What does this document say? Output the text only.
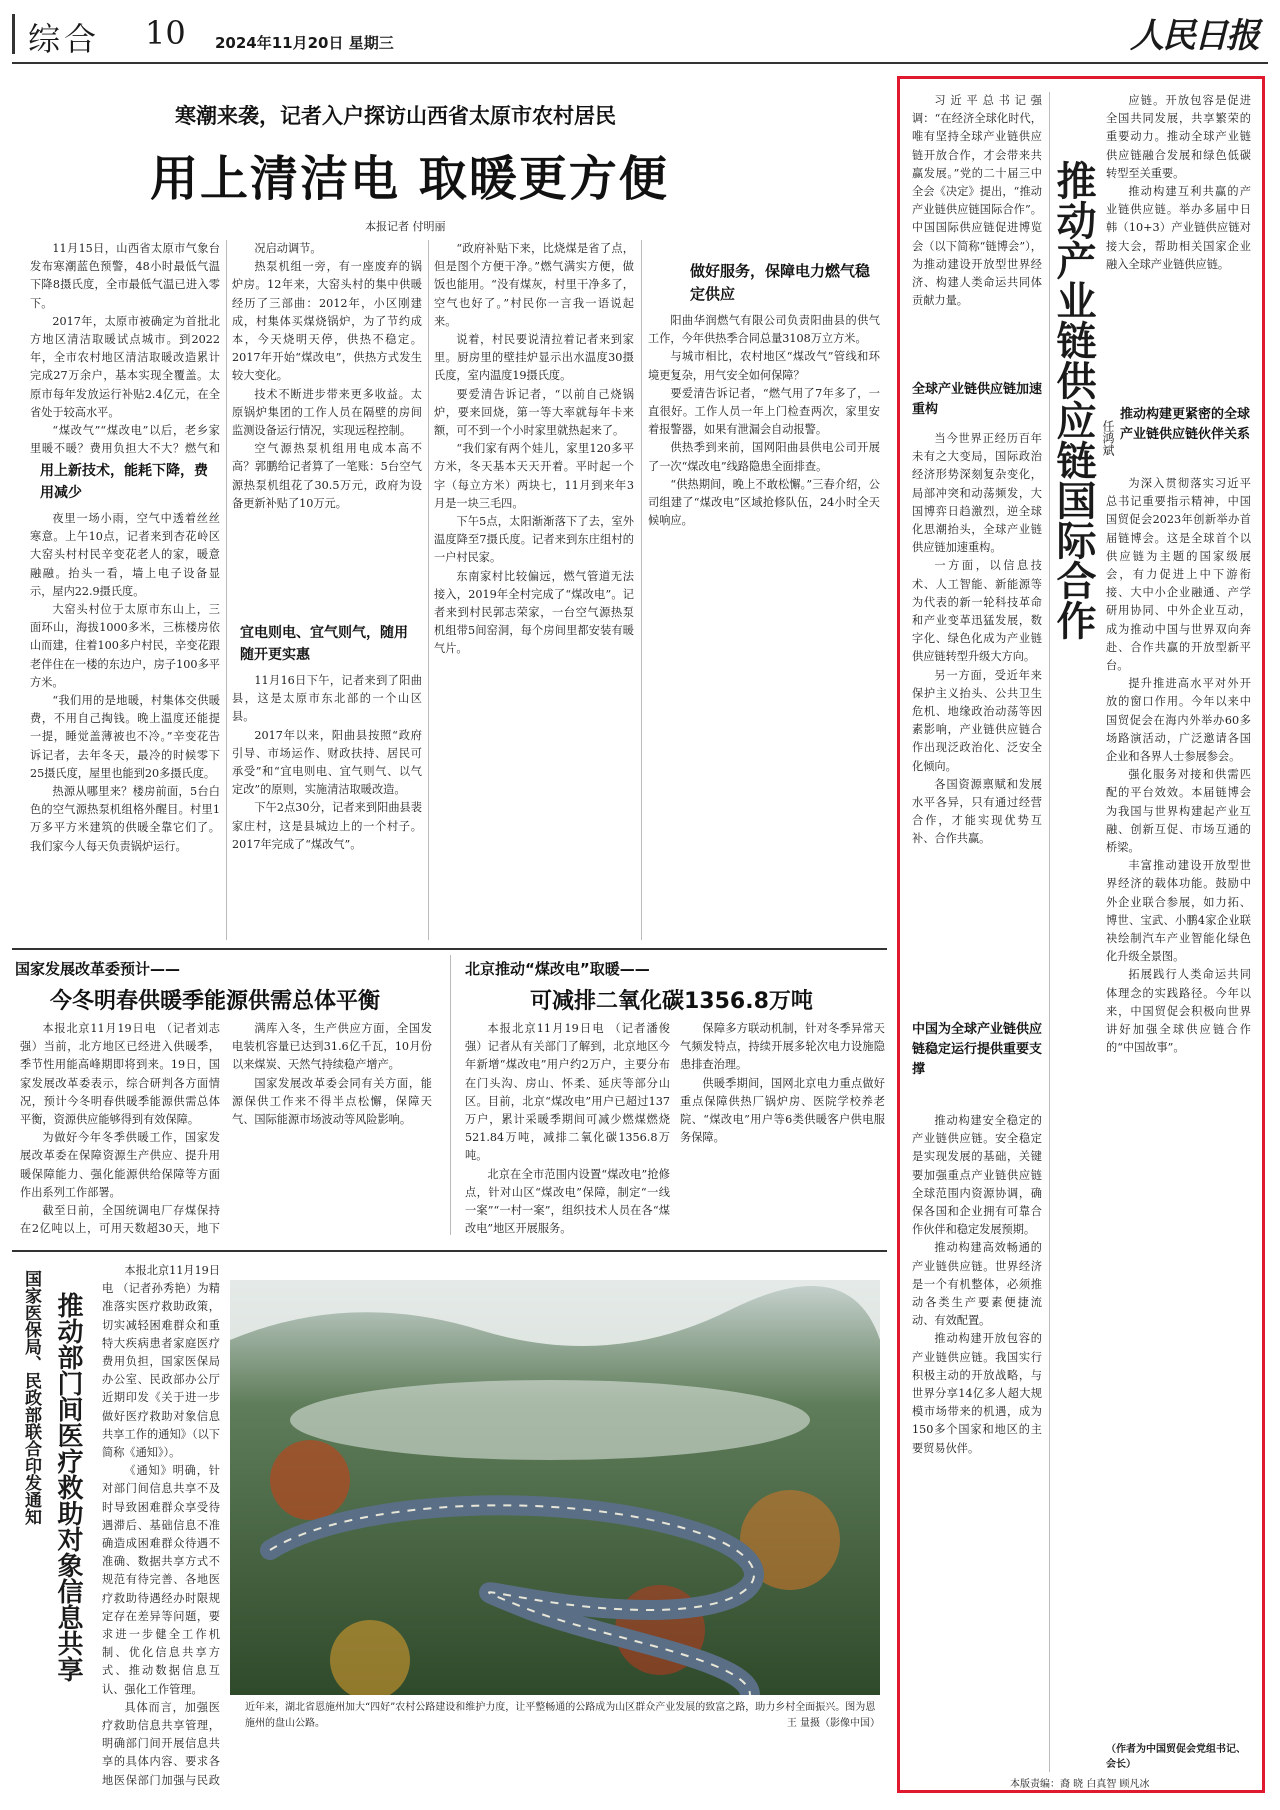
综合 10 2024年11月20日 星期三	人民日报
寒潮来袭，记者入户探访山西省太原市农村居民
用上清洁电 取暖更方便
本报记者 付明丽

11月15日，山西省太原市气象台发布寒潮蓝色预警，48小时最低气温下降8摄氏度，全市最低气温已进入零下。

2017年，太原市被确定为首批北方地区清洁取暖试点城市。到2022年，全市农村地区清洁取暖改造累计完成27万余户，基本实现全覆盖。太原市每年发放运行补贴2.4亿元，在全省处于较高水平。

“煤改气”“煤改电”以后，老乡家里暖不暖？费用负担大不大？燃气和

用上新技术，能耗下降，费用减少

夜里一场小雨，空气中透着丝丝寒意。上午10点，记者来到杏花岭区大窑头村村民辛变花老人的家，暖意融融。抬头一看，墙上电子设备显示，屋内22.9摄氏度。

大窑头村位于太原市东山上，三面环山，海拔1000多米，三栋楼房依山而建，住着100多户村民，辛变花跟老伴住在一楼的东边户，房子100多平方米。

“我们用的是地暖，村集体交供暖费，不用自己掏钱。晚上温度还能提一提，睡觉盖薄被也不冷。”辛变花告诉记者，去年冬天，最冷的时候零下25摄氏度，屋里也能到20多摄氏度。

热源从哪里来？楼房前面，5台白色的空气源热泵机组格外醒目。村里1万多平方米建筑的供暖全靠它们了。我们家今人每天负责锅炉运行。

况启动调节。

热泵机组一旁，有一座废弃的锅炉房。12年来，大窑头村的集中供暖经历了三部曲：2012年，小区刚建成，村集体买煤烧锅炉，为了节约成本，今天烧明天停，供热不稳定。2017年开始“煤改电”，供热方式发生较大变化。

技术不断进步带来更多收益。太原锅炉集团的工作人员在隔壁的房间监测设备运行情况，实现远程控制。

空气源热泵机组用电成本高不高？郭鹏给记者算了一笔账：5台空气源热泵机组花了30.5万元，政府为设备更新补贴了10万元。

宜电则电、宜气则气，随用随开更实惠

11月16日下午，记者来到了阳曲县，这是太原市东北部的一个山区县。

2017年以来，阳曲县按照“政府引导、市场运作、财政扶持、居民可承受”和“宜电则电、宜气则气、以气定改”的原则，实施清洁取暖改造。

下午2点30分，记者来到阳曲县裴家庄村，这是县城边上的一个村子。2017年完成了“煤改气”。

“政府补贴下来，比烧煤是省了点，但是图个方便干净。”燃气满实方便，做饭也能用。“没有煤灰，村里干净多了，空气也好了。”村民你一言我一语说起来。

说着，村民要说清拉着记者来到家里。厨房里的壁挂炉显示出水温度30摄氏度，室内温度19摄氏度。

要爱清告诉记者，“以前自己烧锅炉，要来回烧，第一等大率就每年卡来额，可不到一个小时家里就热起来了。

“我们家有两个娃儿，家里120多平方米，冬天基本天天开着。平时起一个字（每立方米）两块七，11月到来年3月是一块三毛四。

下午5点，太阳渐渐落下了去，室外温度降至7摄氏度。记者来到东庄组村的一户村民家。

东南家村比较偏远，燃气管道无法接入，2019年全村完成了“煤改电”。记者来到村民郭志荣家，一台空气源热泵机组带5间窑洞，每个房间里都安装有暖气片。

做好服务，保障电力燃气稳定供应

阳曲华润燃气有限公司负责阳曲县的供气工作，今年供热季合同总量3108万立方米。

与城市相比，农村地区“煤改气”管线和环境更复杂，用气安全如何保障？

要爱清告诉记者，“燃气用了7年多了，一直很好。工作人员一年上门检查两次，家里安着报警器，如果有泄漏会自动报警。

供热季到来前，国网阳曲县供电公司开展了一次“煤改电”线路隐患全面排查。

“供热期间，晚上不敢松懈。”三春介绍，公司组建了“煤改电”区域抢修队伍，24小时全天候响应。

国家发展改革委预计——
今冬明春供暖季能源供需总体平衡

本报北京11月19日电 （记者刘志强）当前，北方地区已经进入供暖季，季节性用能高峰期即将到来。19日，国家发展改革委表示，综合研判各方面情况，预计今冬明春供暖季能源供需总体平衡，资源供应能够得到有效保障。

为做好今年冬季供暖工作，国家发展改革委在保障资源生产供应、提升用暖保障能力、强化能源供给保障等方面作出系列工作部署。

截至日前，全国统调电厂存煤保持在2亿吨以上，可用天数超30天，地下

满库入冬，生产供应方面，全国发电装机容量已达到31.6亿千瓦，10月份以来煤炭、天然气持续稳产增产。

国家发展改革委会同有关方面，能源保供工作来不得半点松懈，保障天气、国际能源市场波动等风险影响。

北京推动“煤改电”取暖——
可减排二氧化碳1356.8万吨

本报北京11月19日电 （记者潘俊强）记者从有关部门了解到，北京地区今年新增“煤改电”用户约2万户，主要分布在门头沟、房山、怀柔、延庆等部分山区。目前，北京“煤改电”用户已超过137万户，累计采暖季期间可减少燃煤燃烧521.84万吨，减排二氧化碳1356.8万吨。

北京在全市范围内设置“煤改电”抢修点，针对山区“煤改电”保障，制定“一线一案”“一村一案”，组织技术人员在各“煤改电”地区开展服务。

保障多方联动机制，针对冬季异常天气频发特点，持续开展多轮次电力设施隐患排查治理。

供暖季期间，国网北京电力重点做好重点保障供热厂锅炉房、医院学校养老院、“煤改电”用户等6类供暖客户供电服务保障。

国家医保局、民政部联合印发通知 推动部门间医疗救助对象信息共享

本报北京11月19日电 （记者孙秀艳）为精准落实医疗救助政策，切实减轻困难群众和重特大疾病患者家庭医疗费用负担，国家医保局办公室、民政部办公厅近期印发《关于进一步做好医疗救助对象信息共享工作的通知》（以下简称《通知》）。

《通知》明确，针对部门间信息共享不及时导致困难群众享受待遇滞后、基础信息不准确造成困难群众待遇不准确、数据共享方式不规范有待完善、各地医疗救助待遇经办时限规定存在差异等问题，要求进一步健全工作机制、优化信息共享方式、推动数据信息互认、强化工作管理。

具体而言，加强医疗救助信息共享管理，明确部门间开展信息共享的具体内容、要求各地医保部门加强与民政

近年来，湖北省恩施州加大“四好”农村公路建设和维护力度，让平整畅通的公路成为山区群众产业发展的致富之路，助力乡村全面振兴。图为恩施州的盘山公路。	王 量摄（影像中国）

习近平总书记强调：“在经济全球化时代，唯有坚持全球产业链供应链开放合作，才会带来共赢发展。”党的二十届三中全会《决定》提出，“推动产业链供应链国际合作”。中国国际供应链促进博览会（以下简称“链博会”），为推动建设开放型世界经济、构建人类命运共同体贡献力量。	推动产业链供应链国际合作 任鸿斌
全球产业链供应链加速重构

当今世界正经历百年未有之大变局，国际政治经济形势深刻复杂变化，局部冲突和动荡频发，大国博弈日趋激烈，逆全球化思潮抬头，全球产业链供应链加速重构。

一方面，以信息技术、人工智能、新能源等为代表的新一轮科技革命和产业变革迅猛发展，数字化、绿色化成为产业链供应链转型升级大方向。

另一方面，受近年来保护主义抬头、公共卫生危机、地缘政治动荡等因素影响，产业链供应链合作出现泛政治化、泛安全化倾向。

各国资源禀赋和发展水平各异，只有通过经营合作，才能实现优势互补、合作共赢。

中国为全球产业链供应链稳定运行提供重要支撑

推动构建安全稳定的产业链供应链。安全稳定是实现发展的基础，关键要加强重点产业链供应链全球范围内资源协调，确保各国和企业拥有可靠合作伙伴和稳定发展预期。

推动构建高效畅通的产业链供应链。世界经济是一个有机整体，必须推动各类生产要素便捷流动、有效配置。

推动构建开放包容的产业链供应链。我国实行积极主动的开放战略，与世界分享14亿多人超大规模市场带来的机遇，成为150多个国家和地区的主要贸易伙伴。

应链。开放包容是促进全国共同发展，共享繁荣的重要动力。推动全球产业链供应链融合发展和绿色低碳转型至关重要。

推动构建互利共赢的产业链供应链。举办多届中日韩（10+3）产业链供应链对接大会，帮助相关国家企业融入全球产业链供应链。

推动构建更紧密的全球产业链供应链伙伴关系

为深入贯彻落实习近平总书记重要指示精神，中国国贸促会2023年创新举办首届链博会。这是全球首个以供应链为主题的国家级展会，有力促进上中下游衔接、大中小企业融通、产学研用协同、中外企业互动，成为推动中国与世界双向奔赴、合作共赢的开放型新平台。

提升推进高水平对外开放的窗口作用。今年以来中国贸促会在海内外举办60多场路演活动，广泛邀请各国企业和各界人士参展参会。

强化服务对接和供需匹配的平台效效。本届链博会为我国与世界构建起产业互融、创新互促、市场互通的桥梁。

丰富推动建设开放型世界经济的载体功能。鼓励中外企业联合参展，如力拓、博世、宝武、小鹏4家企业联袂绘制汽车产业智能化绿色化升级全景图。

拓展践行人类命运共同体理念的实践路径。今年以来，中国贸促会积极向世界讲好加强全球供应链合作的“中国故事”。

（作者为中国贸促会党组书记、会长）
本版责编：裔 晓 白真智 顾凡冰
